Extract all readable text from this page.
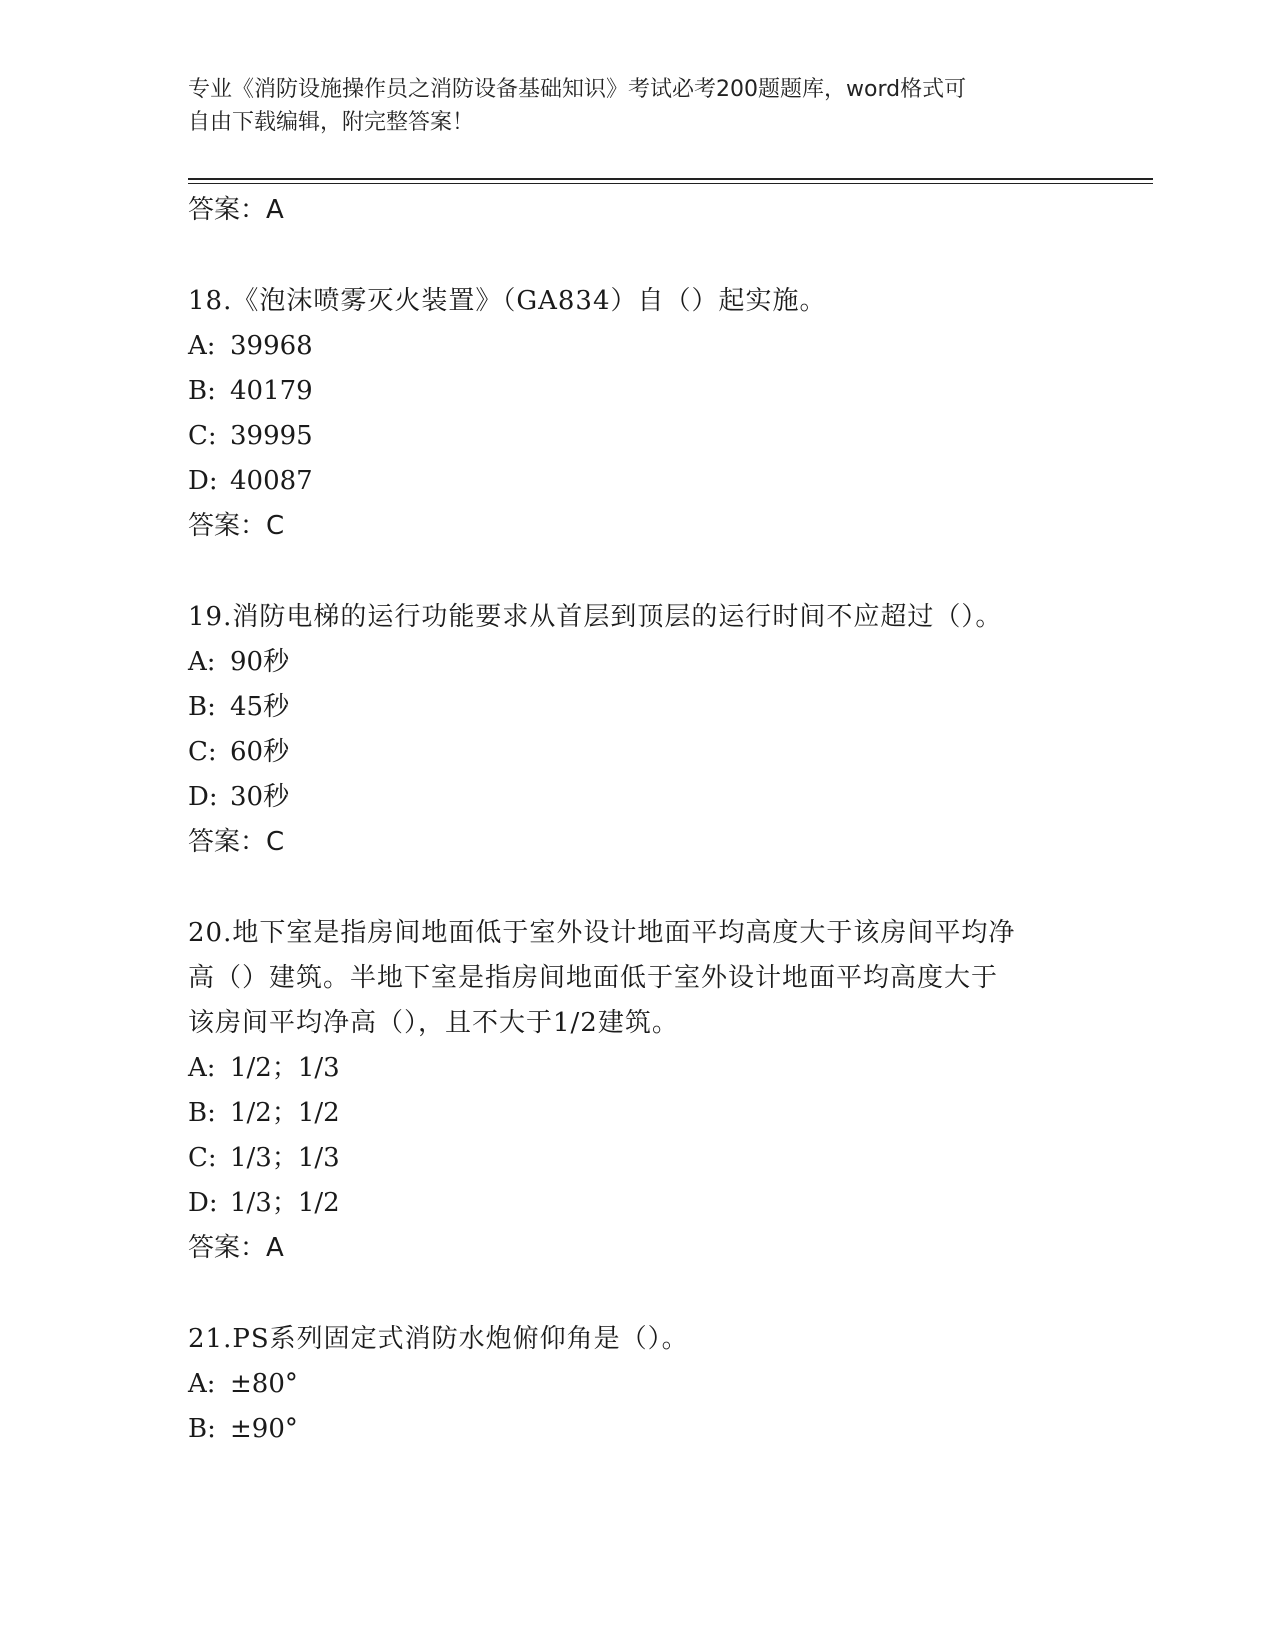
专业《消防设施操作员之消防设备基础知识》考试必考200题题库，word格式可
自由下载编辑，附完整答案！
答案：A
18.《泡沫喷雾灭火装置》（GA834）自（）起实施。
A: 39968
B: 40179
C: 39995
D: 40087
答案：C
19.消防电梯的运行功能要求从首层到顶层的运行时间不应超过（）。
A: 90秒
B: 45秒
C: 60秒
D: 30秒
答案：C
20.地下室是指房间地面低于室外设计地面平均高度大于该房间平均净
高（）建筑。半地下室是指房间地面低于室外设计地面平均高度大于
该房间平均净高（），且不大于1/2建筑。
A: 1/2；1/3
B: 1/2；1/2
C: 1/3；1/3
D: 1/3；1/2
答案：A
21.PS系列固定式消防水炮俯仰角是（）。
A: ±80°
B: ±90°
